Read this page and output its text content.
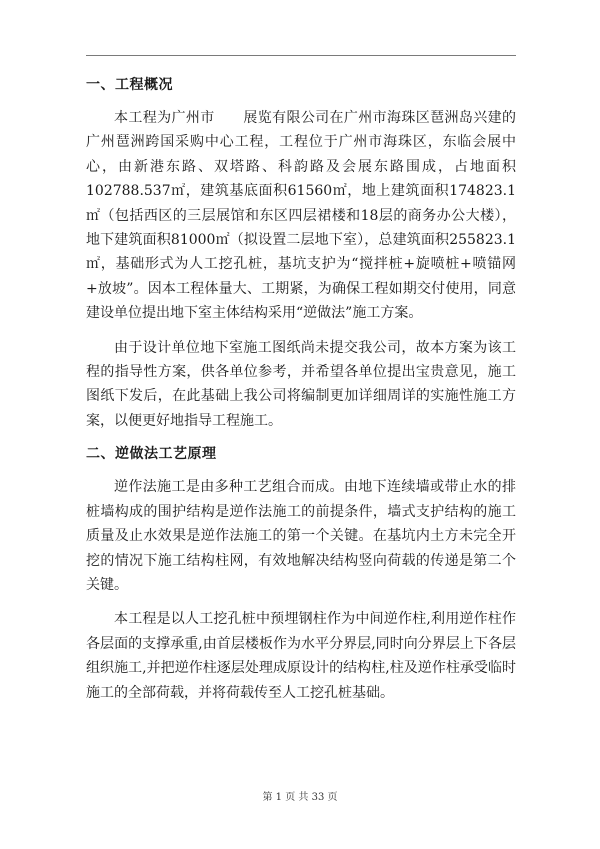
一、工程概况

本工程为广州市　　展览有限公司在广州市海珠区琶洲岛兴建的广州琶洲跨国采购中心工程，工程位于广州市海珠区，东临会展中心，由新港东路、双塔路、科韵路及会展东路围成，占地面积102788.537㎡，建筑基底面积61560㎡，地上建筑面积174823.1㎡（包括西区的三层展馆和东区四层裙楼和18层的商务办公大楼），地下建筑面积81000㎡（拟设置二层地下室），总建筑面积255823.1㎡，基础形式为人工挖孔桩，基坑支护为“搅拌桩+旋喷桩+喷锚网+放坡”。因本工程体量大、工期紧，为确保工程如期交付使用，同意建设单位提出地下室主体结构采用“逆做法”施工方案。

由于设计单位地下室施工图纸尚未提交我公司，故本方案为该工程的指导性方案，供各单位参考，并希望各单位提出宝贵意见，施工图纸下发后，在此基础上我公司将编制更加详细周详的实施性施工方案，以便更好地指导工程施工。

二、逆做法工艺原理

逆作法施工是由多种工艺组合而成。由地下连续墙或带止水的排桩墙构成的围护结构是逆作法施工的前提条件，墙式支护结构的施工质量及止水效果是逆作法施工的第一个关键。在基坑内土方未完全开挖的情况下施工结构柱网，有效地解决结构竖向荷载的传递是第二个关键。

本工程是以人工挖孔桩中预埋钢柱作为中间逆作柱,利用逆作柱作各层面的支撑承重,由首层楼板作为水平分界层,同时向分界层上下各层组织施工,并把逆作柱逐层处理成原设计的结构柱,柱及逆作柱承受临时施工的全部荷载，并将荷载传至人工挖孔桩基础。

第 1 页 共 33 页
